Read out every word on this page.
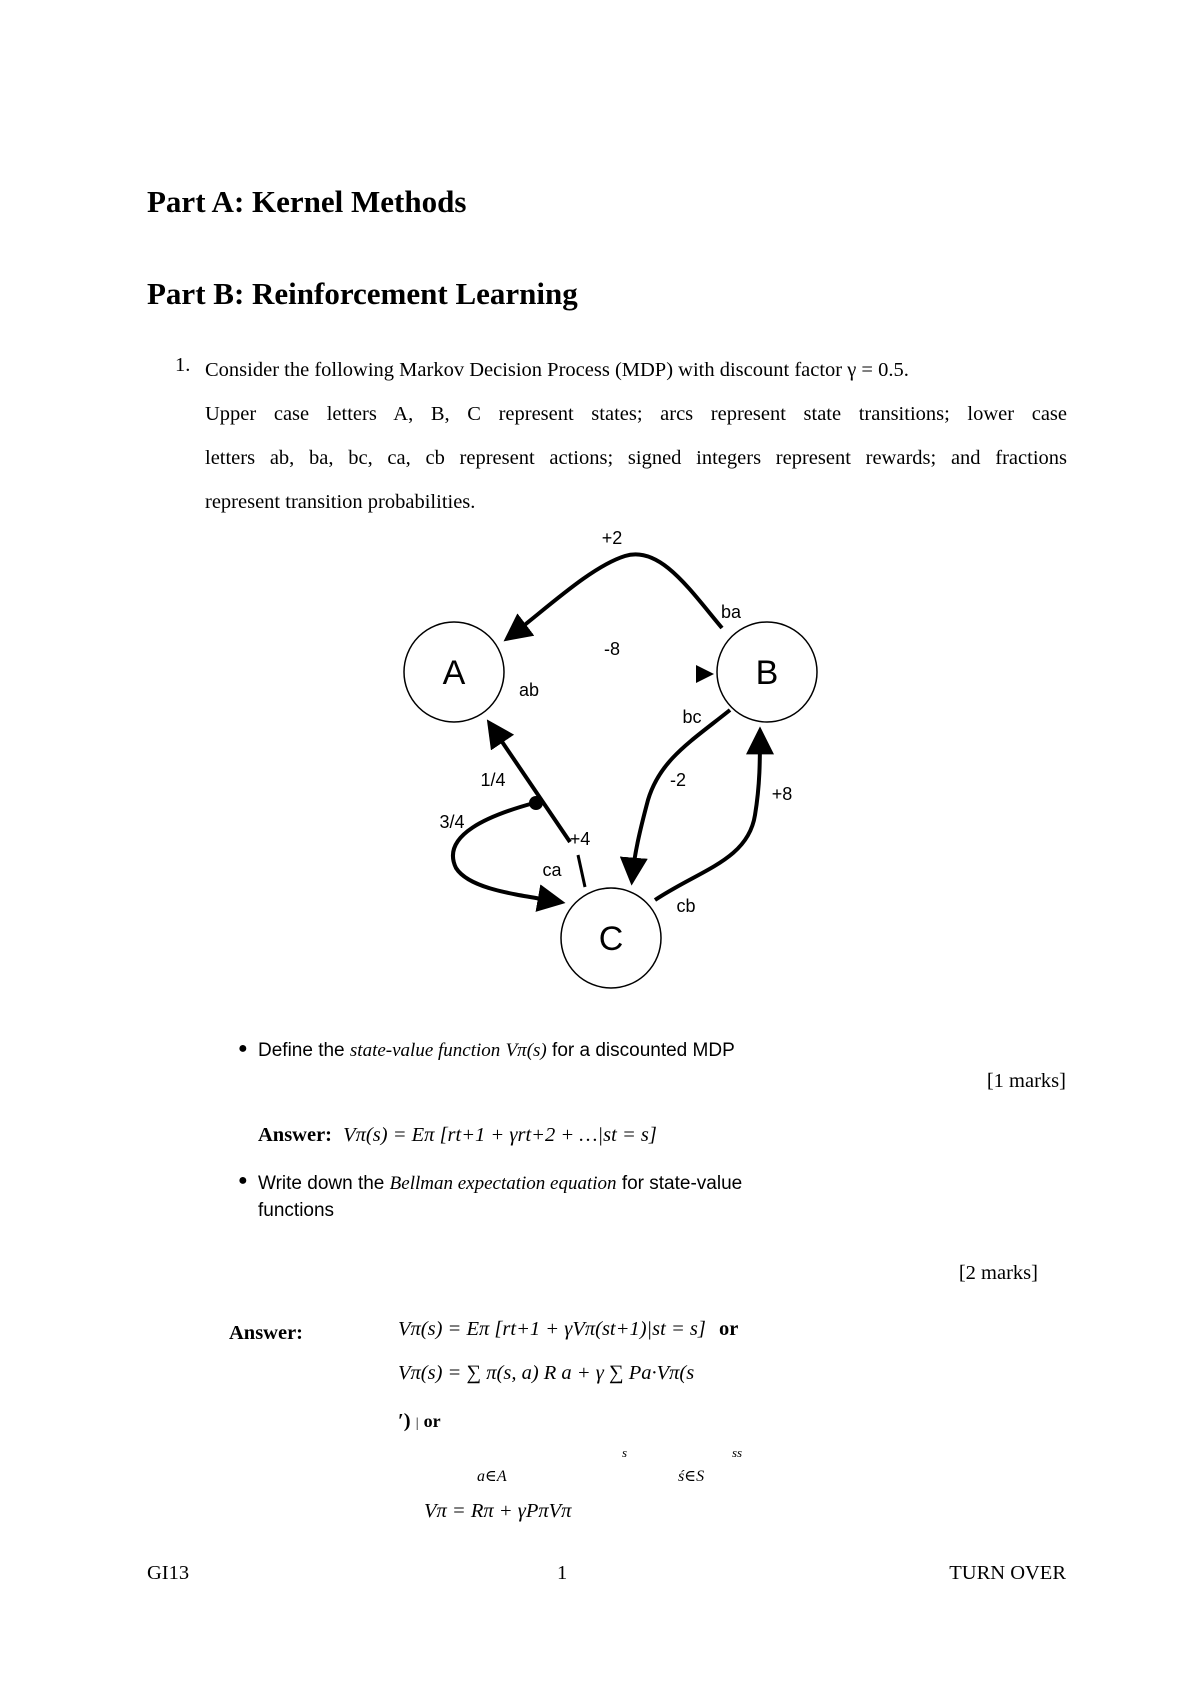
Part A: Kernel Methods
Part B: Reinforcement Learning
1. Consider the following Markov Decision Process (MDP) with discount factor γ = 0.5.
Upper case letters A, B, C represent states; arcs represent state transitions; lower case
letters ab, ba, bc, ca, cb represent actions; signed integers represent rewards; and fractions
represent transition probabilities.
A	B
C
+2
-8
-2
+8
+4
ba
ab
bc
ca
cb
1/4
3/4
● Define the state-value function Vπ(s) for a discounted MDP
[1 marks]
Answer: Vπ(s) = Eπ [rt+1 + γrt+2 + …|st = s]
● Write down the Bellman expectation equation for state-value
functions
[2 marks]
Answer:	Vπ(s) = Eπ [rt+1 + γVπ(st+1)|st = s] or
Vπ(s) = ∑ π(s, a) R a + γ ∑ Pa·Vπ(s
′) | or
s	ss
a∈A	ś∈S
Vπ = Rπ + γPπVπ
GI13	1	TURN OVER
